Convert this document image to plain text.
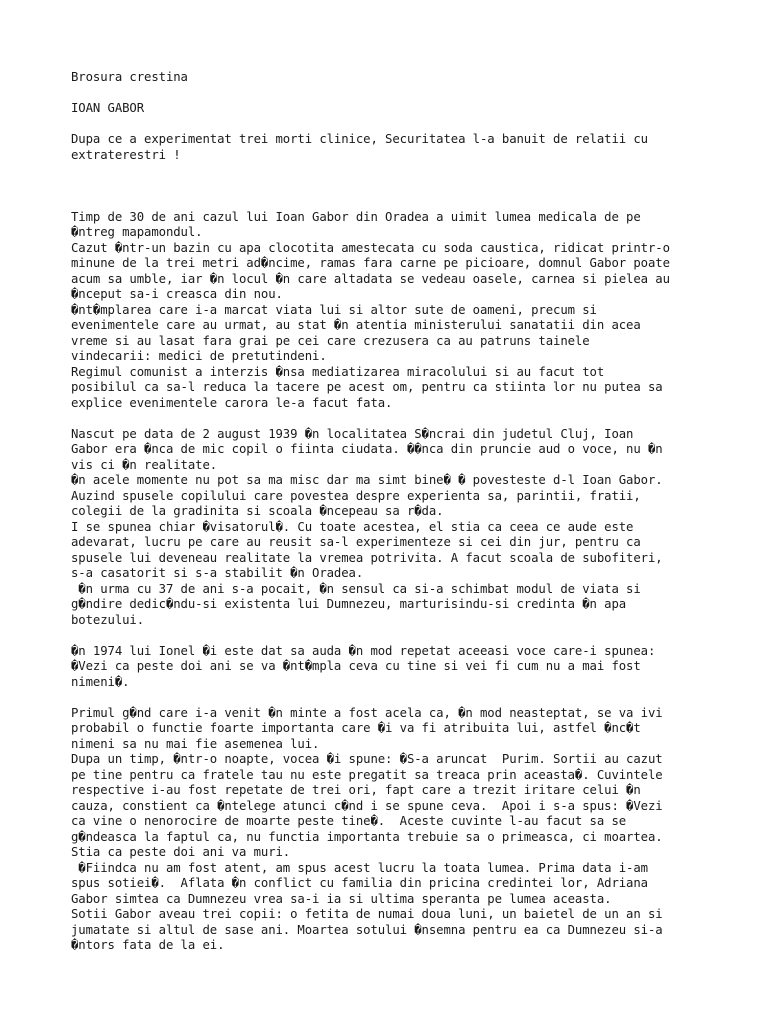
Brosura crestina
IOAN GABOR
Dupa ce a experimentat trei morti clinice, Securitatea l-a banuit de relatii cu
extraterestri !
Timp de 30 de ani cazul lui Ioan Gabor din Oradea a uimit lumea medicala de pe
�ntreg mapamondul.
Cazut �ntr-un bazin cu apa clocotita amestecata cu soda caustica, ridicat printr-o
minune de la trei metri ad�ncime, ramas fara carne pe picioare, domnul Gabor poate
acum sa umble, iar �n locul �n care altadata se vedeau oasele, carnea si pielea au
�nceput sa-i creasca din nou.
�nt�mplarea care i-a marcat viata lui si altor sute de oameni, precum si
evenimentele care au urmat, au stat �n atentia ministerului sanatatii din acea
vreme si au lasat fara grai pe cei care crezusera ca au patruns tainele
vindecarii: medici de pretutindeni.
Regimul comunist a interzis �nsa mediatizarea miracolului si au facut tot
posibilul ca sa-l reduca la tacere pe acest om, pentru ca stiinta lor nu putea sa
explice evenimentele carora le-a facut fata.
Nascut pe data de 2 august 1939 �n localitatea S�ncrai din judetul Cluj, Ioan
Gabor era �nca de mic copil o fiinta ciudata. ��nca din pruncie aud o voce, nu �n
vis ci �n realitate.
�n acele momente nu pot sa ma misc dar ma simt bine� � povesteste d-l Ioan Gabor.
Auzind spusele copilului care povestea despre experienta sa, parintii, fratii,
colegii de la gradinita si scoala �ncepeau sa r�da.
I se spunea chiar �visatorul�. Cu toate acestea, el stia ca ceea ce aude este
adevarat, lucru pe care au reusit sa-l experimenteze si cei din jur, pentru ca
spusele lui deveneau realitate la vremea potrivita. A facut scoala de subofiteri,
s-a casatorit si s-a stabilit �n Oradea.
�n urma cu 37 de ani s-a pocait, �n sensul ca si-a schimbat modul de viata si
g�ndire dedic�ndu-si existenta lui Dumnezeu, marturisindu-si credinta �n apa
botezului.
�n 1974 lui Ionel �i este dat sa auda �n mod repetat aceeasi voce care-i spunea:
�Vezi ca peste doi ani se va �nt�mpla ceva cu tine si vei fi cum nu a mai fost
nimeni�.
Primul g�nd care i-a venit �n minte a fost acela ca, �n mod neasteptat, se va ivi
probabil o functie foarte importanta care �i va fi atribuita lui, astfel �nc�t
nimeni sa nu mai fie asemenea lui.
Dupa un timp, �ntr-o noapte, vocea �i spune: �S-a aruncat  Purim. Sortii au cazut
pe tine pentru ca fratele tau nu este pregatit sa treaca prin aceasta�. Cuvintele
respective i-au fost repetate de trei ori, fapt care a trezit iritare celui �n
cauza, constient ca �ntelege atunci c�nd i se spune ceva.  Apoi i s-a spus: �Vezi
ca vine o nenorocire de moarte peste tine�.  Aceste cuvinte l-au facut sa se
g�ndeasca la faptul ca, nu functia importanta trebuie sa o primeasca, ci moartea.
Stia ca peste doi ani va muri.
�Fiindca nu am fost atent, am spus acest lucru la toata lumea. Prima data i-am
spus sotiei�.  Aflata �n conflict cu familia din pricina credintei lor, Adriana
Gabor simtea ca Dumnezeu vrea sa-i ia si ultima speranta pe lumea aceasta.
Sotii Gabor aveau trei copii: o fetita de numai doua luni, un baietel de un an si
jumatate si altul de sase ani. Moartea sotului �nsemna pentru ea ca Dumnezeu si-a
�ntors fata de la ei.
